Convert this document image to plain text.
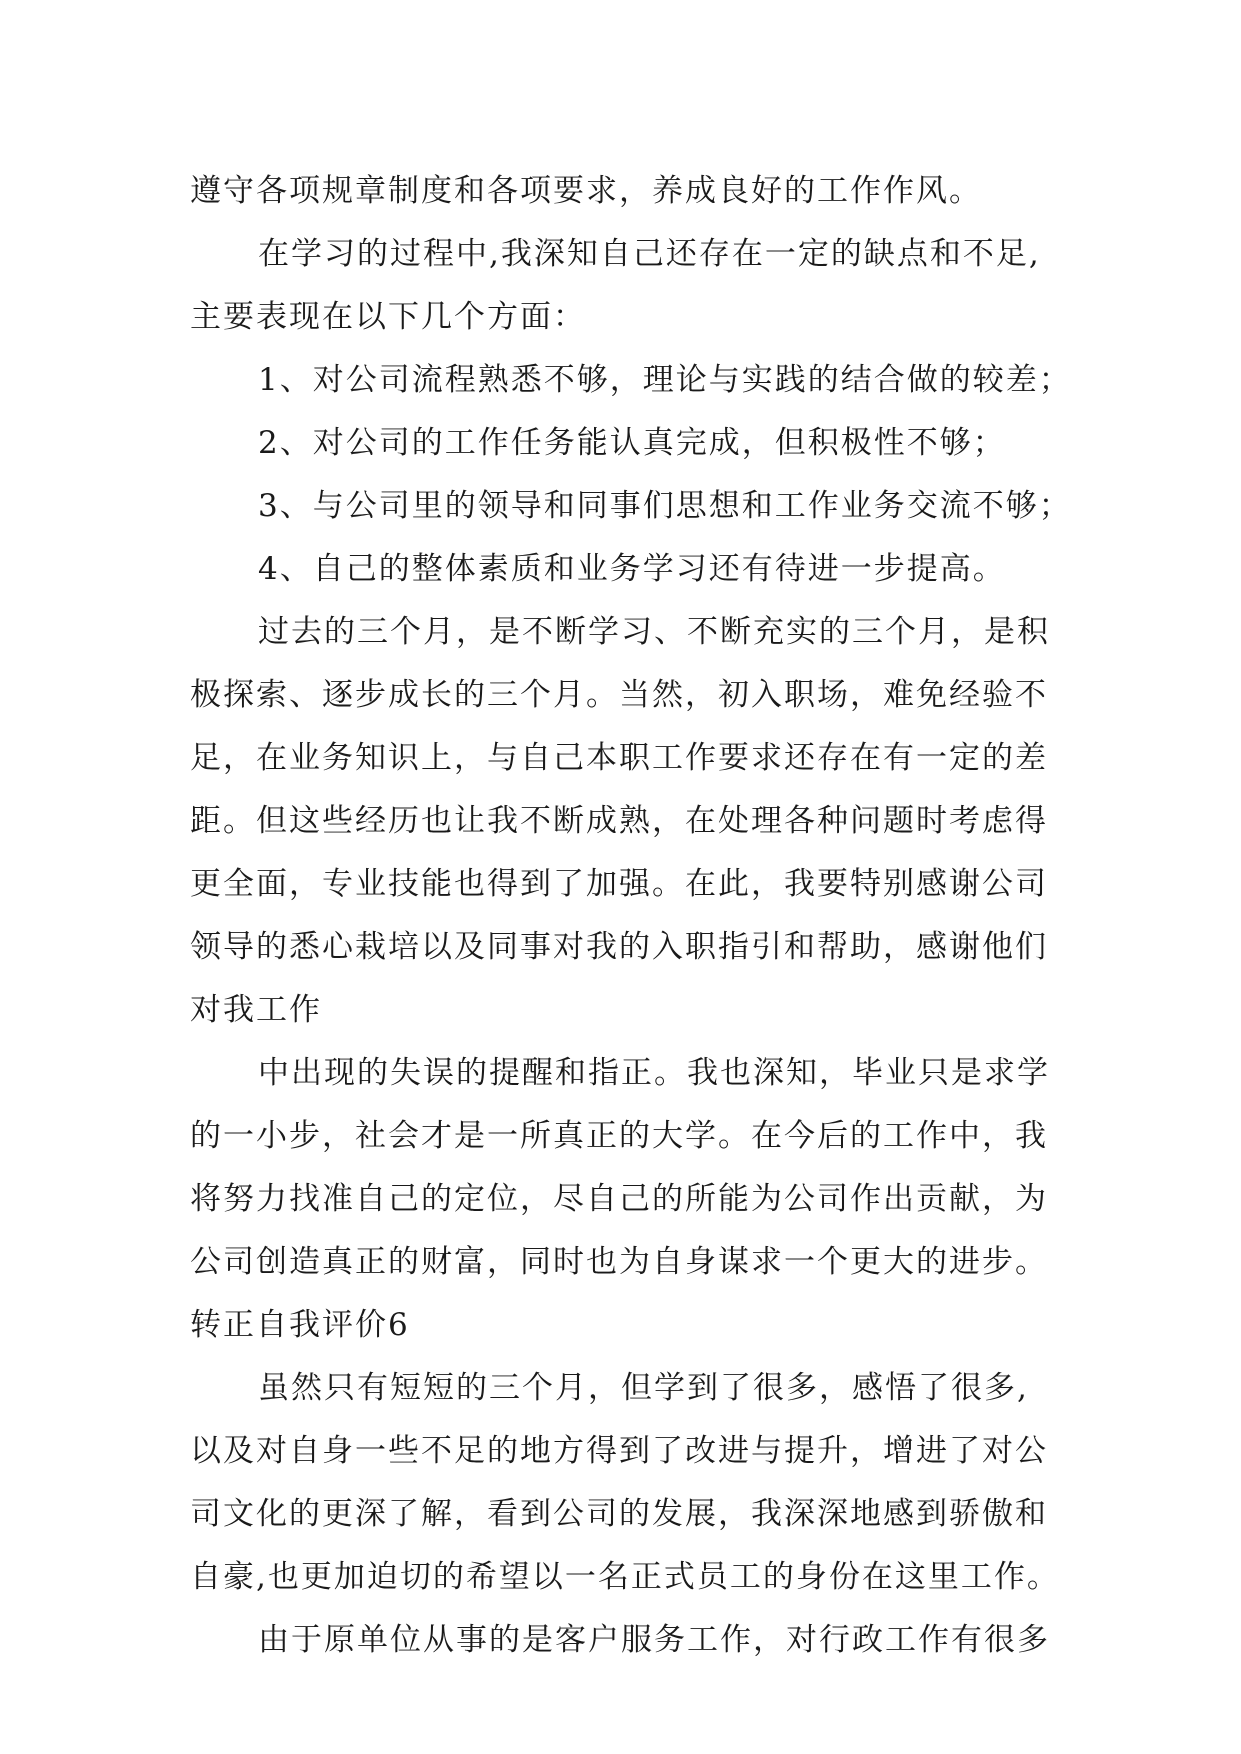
遵守各项规章制度和各项要求，养成良好的工作作风。
在学习的过程中,我深知自己还存在一定的缺点和不足,
主要表现在以下几个方面：
1、对公司流程熟悉不够，理论与实践的结合做的较差；
2、对公司的工作任务能认真完成，但积极性不够；
3、与公司里的领导和同事们思想和工作业务交流不够；
4、自己的整体素质和业务学习还有待进一步提高。
过去的三个月，是不断学习、不断充实的三个月，是积
极探索、逐步成长的三个月。当然，初入职场，难免经验不
足，在业务知识上，与自己本职工作要求还存在有一定的差
距。但这些经历也让我不断成熟，在处理各种问题时考虑得
更全面，专业技能也得到了加强。在此，我要特别感谢公司
领导的悉心栽培以及同事对我的入职指引和帮助，感谢他们
对我工作
中出现的失误的提醒和指正。我也深知，毕业只是求学
的一小步，社会才是一所真正的大学。在今后的工作中，我
将努力找准自己的定位，尽自己的所能为公司作出贡献，为
公司创造真正的财富，同时也为自身谋求一个更大的进步。
转正自我评价6
虽然只有短短的三个月，但学到了很多，感悟了很多,
以及对自身一些不足的地方得到了改进与提升，增进了对公
司文化的更深了解，看到公司的发展，我深深地感到骄傲和
自豪,也更加迫切的希望以一名正式员工的身份在这里工作。
由于原单位从事的是客户服务工作，对行政工作有很多
